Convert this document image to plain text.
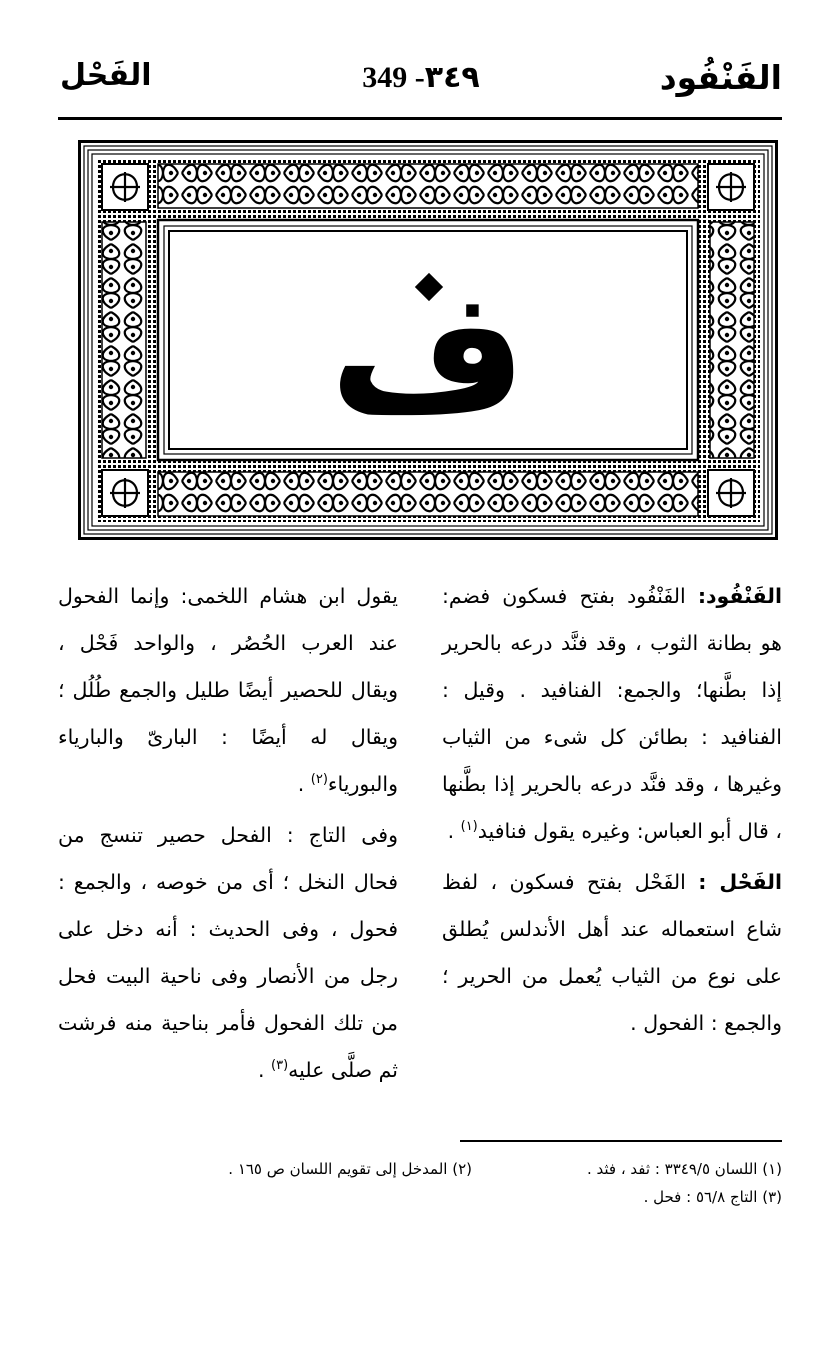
الفَنْفُود
349 -٣٤٩
الفَحْل
ف

الفَنْفُود: الفَنْفُود بفتح فسكون فضم: هو بطانة الثوب ، وقد فنَّد درعه بالحرير إذا بطَّنها؛ والجمع: الفنافيد . وقيل : الفنافيد : بطائن كل شىء من الثياب وغيرها ، وقد فنَّد درعه بالحرير إذا بطَّنها ، قال أبو العباس: وغيره يقول فنافيد$^{(١)}$ .

الفَحْل : الفَحْل بفتح فسكون ، لفظ شاع استعماله عند أهل الأندلس يُطلق على نوع من الثياب يُعمل من الحرير ؛ والجمع : الفحول .

يقول ابن هشام اللخمى: وإنما الفحول عند العرب الحُصُر ، والواحد فَحْل ، ويقال للحصير أيضًا طليل والجمع طُلُل ؛ ويقال له أيضًا : البارىّ والبارياء والبورياء$^{(٢)}$ .

وفى التاج : الفحل حصير تنسج من فحال النخل ؛ أى من خوصه ، والجمع : فحول ، وفى الحديث : أنه دخل على رجل من الأنصار وفى ناحية البيت فحل من تلك الفحول فأمر بناحية منه فرشت ثم صلَّى عليه$^{(٣)}$ .

(١) اللسان ٣٣٤٩/٥ : ثفد ، فثد .
(٢) المدخل إلى تقويم اللسان ص ١٦٥ .
(٣) التاج ٥٦/٨ : فحل .
